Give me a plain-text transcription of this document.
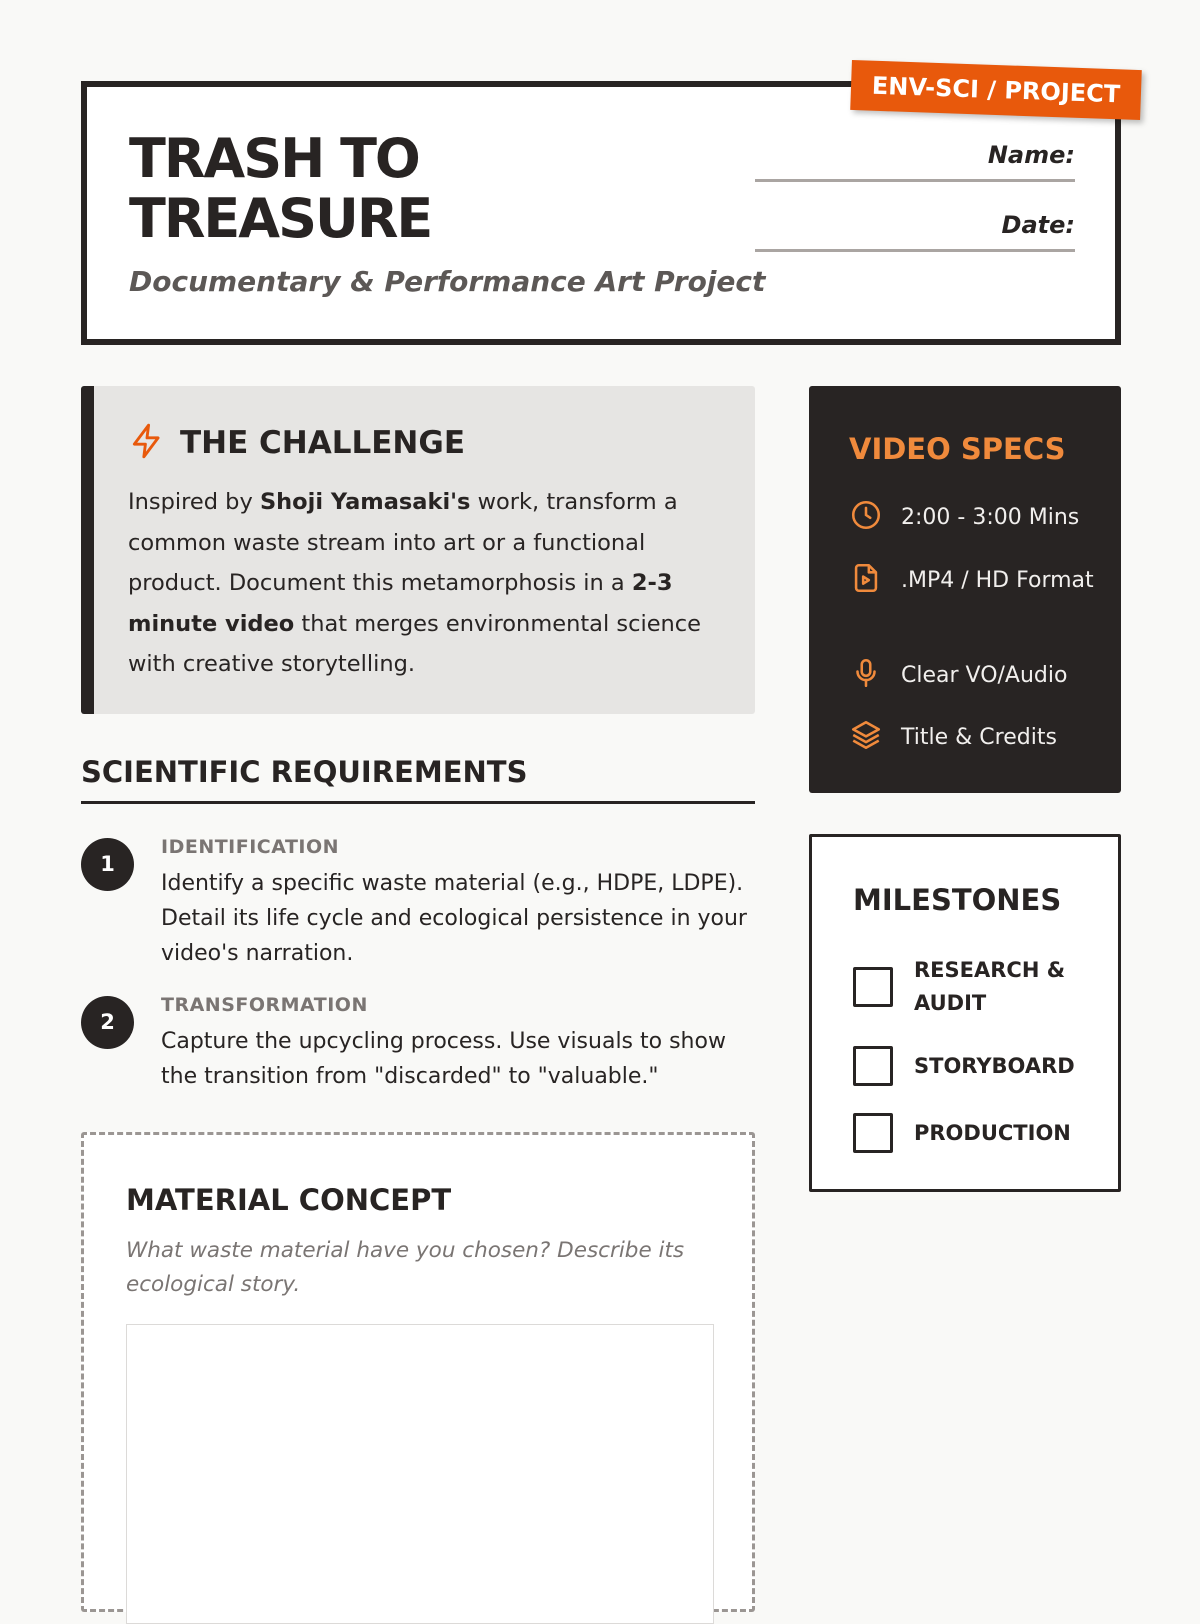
ENV-SCI / PROJECT
TRASH TO
TREASURE
Documentary & Performance Art Project
Name:
Date:
THE CHALLENGE

Inspired by Shoji Yamasaki's work, transform a common waste stream into art or a functional product. Document this metamorphosis in a 2-3 minute video that merges environmental science with creative storytelling.

SCIENTIFIC REQUIREMENTS
1
IDENTIFICATION
Identify a specific waste material (e.g., HDPE, LDPE). Detail its life cycle and ecological persistence in your video's narration.
2
TRANSFORMATION
Capture the upcycling process. Use visuals to show the transition from "discarded" to "valuable."
MATERIAL CONCEPT
What waste material have you chosen? Describe its ecological story.
VIDEO SPECS
2:00 - 3:00 Mins
.MP4 / HD Format
Clear VO/Audio
Title & Credits
MILESTONES
RESEARCH & AUDIT
STORYBOARD
PRODUCTION
